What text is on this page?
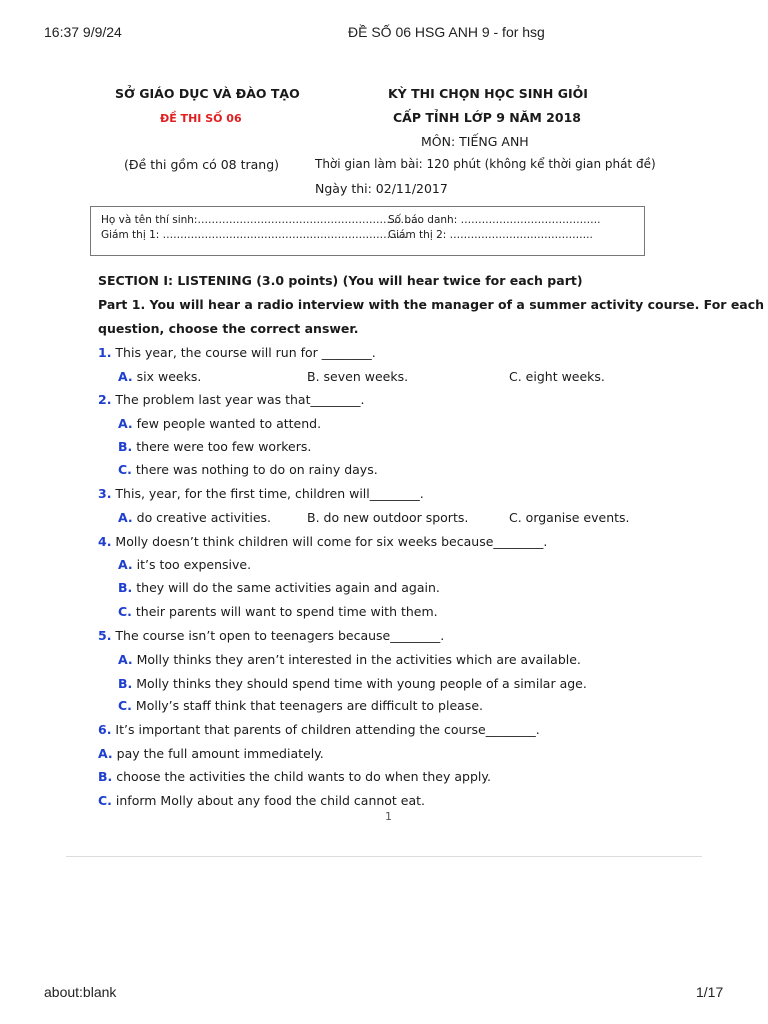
16:37 9/9/24	ĐỀ SỐ 06 HSG ANH 9 - for hsg
SỞ GIÁO DỤC VÀ ĐÀO TẠO
ĐỀ THI SỐ 06
(Đề thi gồm có 08 trang)
KỲ THI CHỌN HỌC SINH GIỎI
CẤP TỈNH LỚP 9 NĂM 2018
MÔN: TIẾNG ANH
Thời gian làm bài: 120 phút (không kể thời gian phát đề)
Ngày thi: 02/11/2017
Họ và tên thí sinh:……………………………………………………….
Số báo danh: ………………………………….
Giám thị 1: …………………………………………………………….
Giám thị 2: …………………………………..
SECTION I: LISTENING (3.0 points) (You will hear twice for each part)
Part 1. You will hear a radio interview with the manager of a summer activity course. For each
question, choose the correct answer.
1. This year, the course will run for ________.
A. six weeks.	B. seven weeks.	C. eight weeks.
2. The problem last year was that________.
A. few people wanted to attend.
B. there were too few workers.
C. there was nothing to do on rainy days.
3. This, year, for the first time, children will________.
A. do creative activities.	B. do new outdoor sports.	C. organise events.
4. Molly doesn’t think children will come for six weeks because________.
A. it’s too expensive.
B. they will do the same activities again and again.
C. their parents will want to spend time with them.
5. The course isn’t open to teenagers because________.
A. Molly thinks they aren’t interested in the activities which are available.
B. Molly thinks they should spend time with young people of a similar age.
C. Molly’s staff think that teenagers are difficult to please.
6. It’s important that parents of children attending the course________.
A. pay the full amount immediately.
B. choose the activities the child wants to do when they apply.
C. inform Molly about any food the child cannot eat.
1
about:blank	1/17
